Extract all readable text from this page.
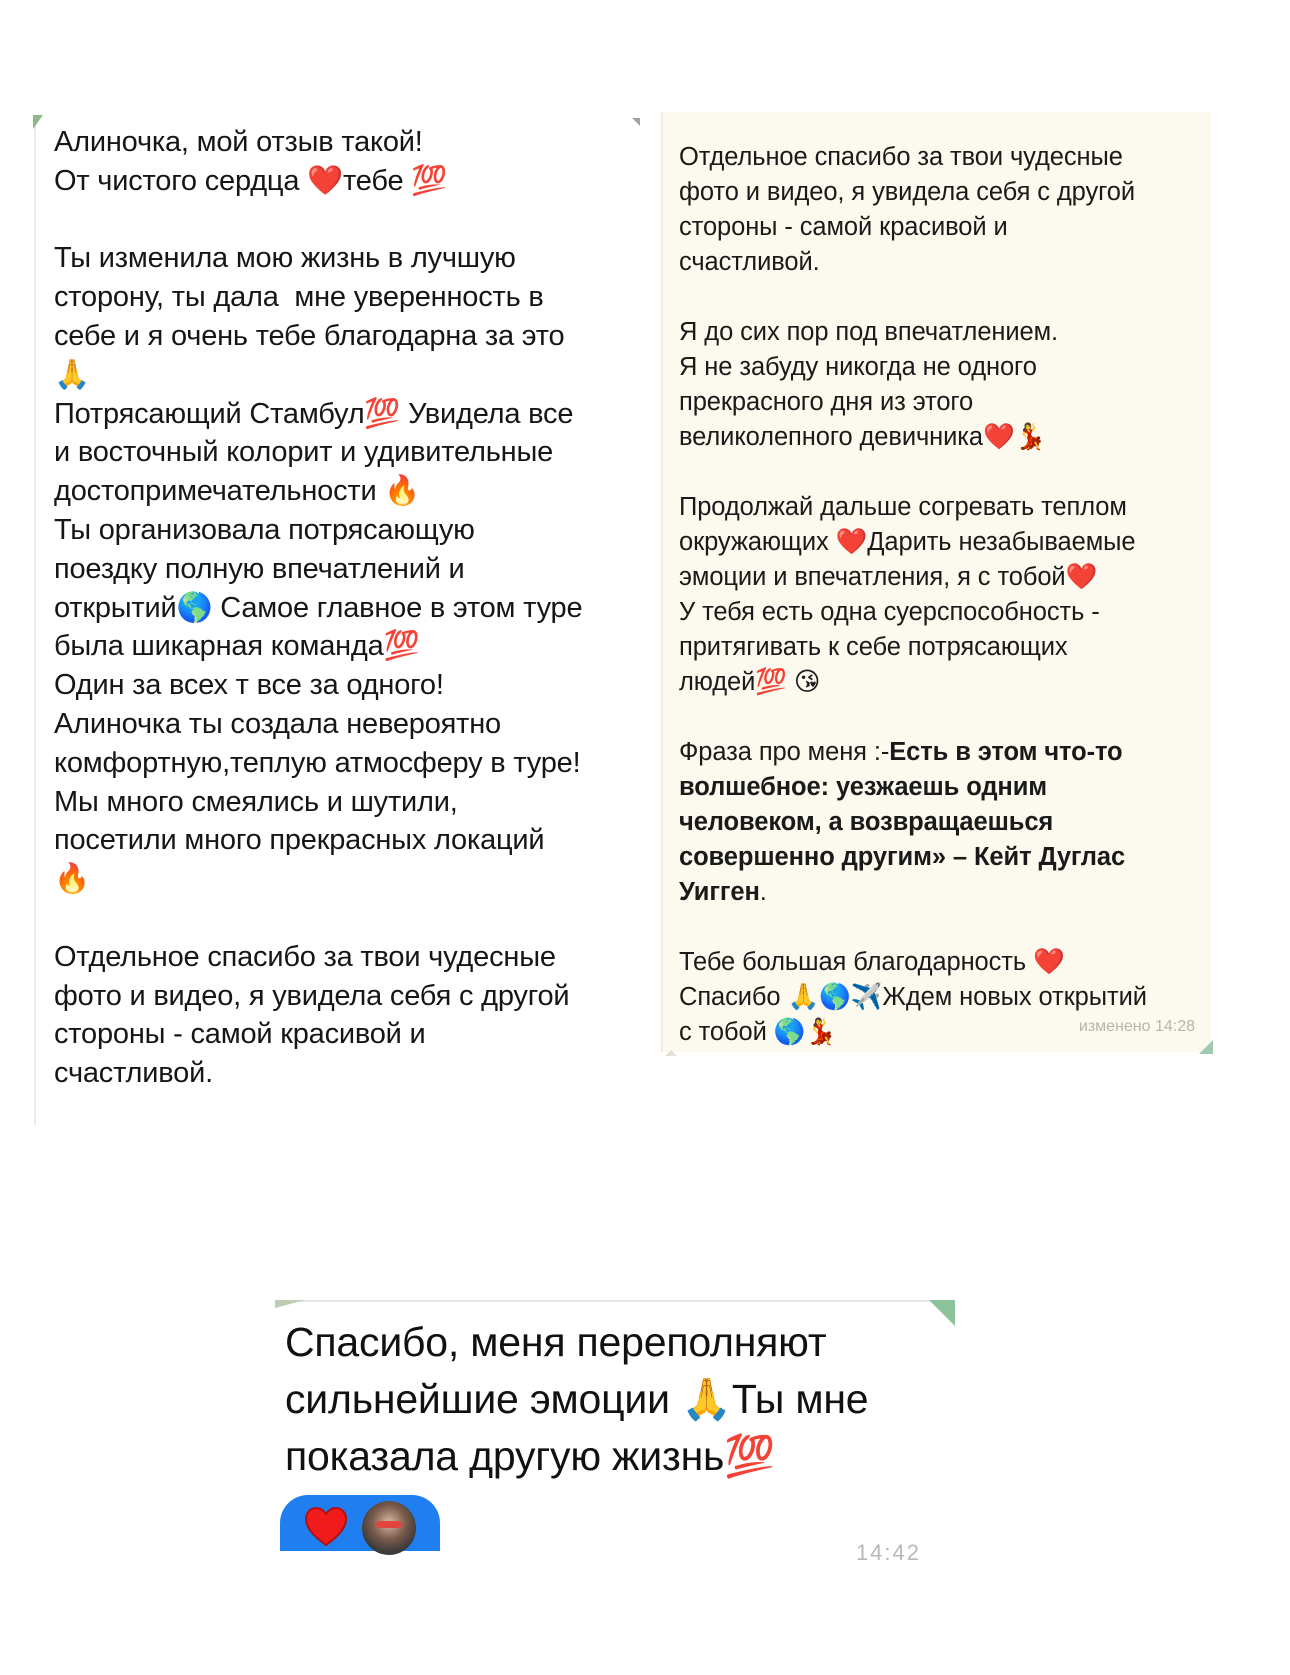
Алиночка, мой отзыв такой!
От чистого сердца ❤️тебе 💯

Ты изменила мою жизнь в лучшую
сторону, ты дала  мне уверенность в
себе и я очень тебе благодарна за это
🙏
Потрясающий Стамбул💯 Увидела все
и восточный колорит и удивительные
достопримечательности 🔥
Ты организовала потрясающую
поездку полную впечатлений и
открытий🌎 Самое главное в этом туре
была шикарная команда💯
Один за всех т все за одного!
Алиночка ты создала невероятно
комфортную,теплую атмосферу в туре!
Мы много смеялись и шутили,
посетили много прекрасных локаций
🔥

Отдельное спасибо за твои чудесные
фото и видео, я увидела себя с другой
стороны - самой красивой и
счастливой.
Отдельное спасибо за твои чудесные
фото и видео, я увидела себя с другой
стороны - самой красивой и
счастливой.

Я до сих пор под впечатлением.
Я не забуду никогда не одного
прекрасного дня из этого
великолепного девичника❤️💃

Продолжай дальше согревать теплом
окружающих ❤️Дарить незабываемые
эмоции и впечатления, я с тобой❤️
У тебя есть одна суерспособность -
притягивать к себе потрясающих
людей💯 😘

Фраза про меня :-Есть в этом что-то
волшебное: уезжаешь одним
человеком, а возвращаешься
совершенно другим» – Кейт Дуглас
Уигген.

Тебе большая благодарность ❤️
Спасибо 🙏🌎✈️Ждем новых открытий
с тобой 🌎💃	изменено 14:28
Спасибо, меня переполняют
сильнейшие эмоции 🙏Ты мне
показала другую жизнь💯
14:42
